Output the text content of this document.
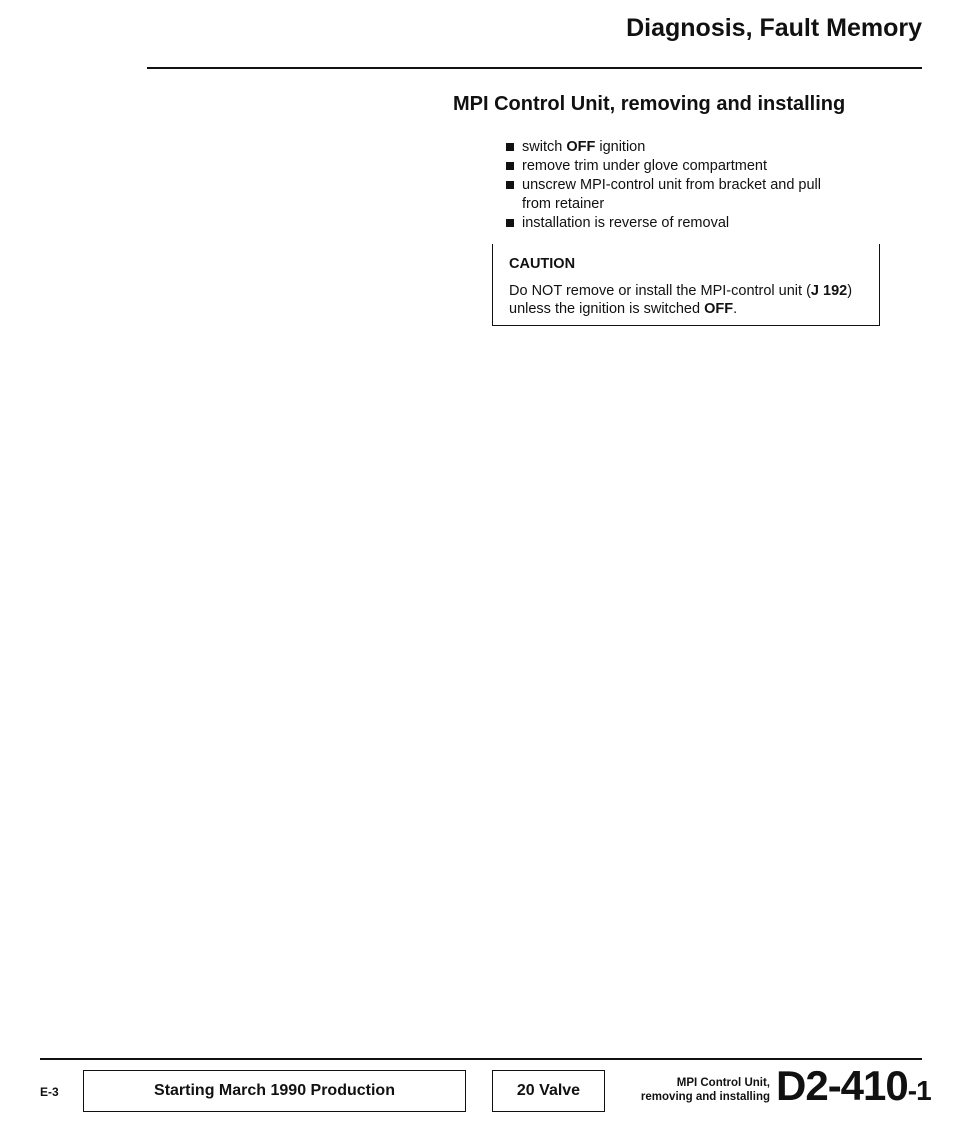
Diagnosis, Fault Memory
MPI Control Unit, removing and installing
switch OFF ignition
remove trim under glove compartment
unscrew MPI-control unit from bracket and pull
from retainer
installation is reverse of removal
CAUTION
Do NOT remove or install the MPI-control unit (J 192) unless the ignition is switched OFF.
E-3	Starting March 1990 Production	20 Valve	MPI Control Unit,
removing and installing D2-410-1
